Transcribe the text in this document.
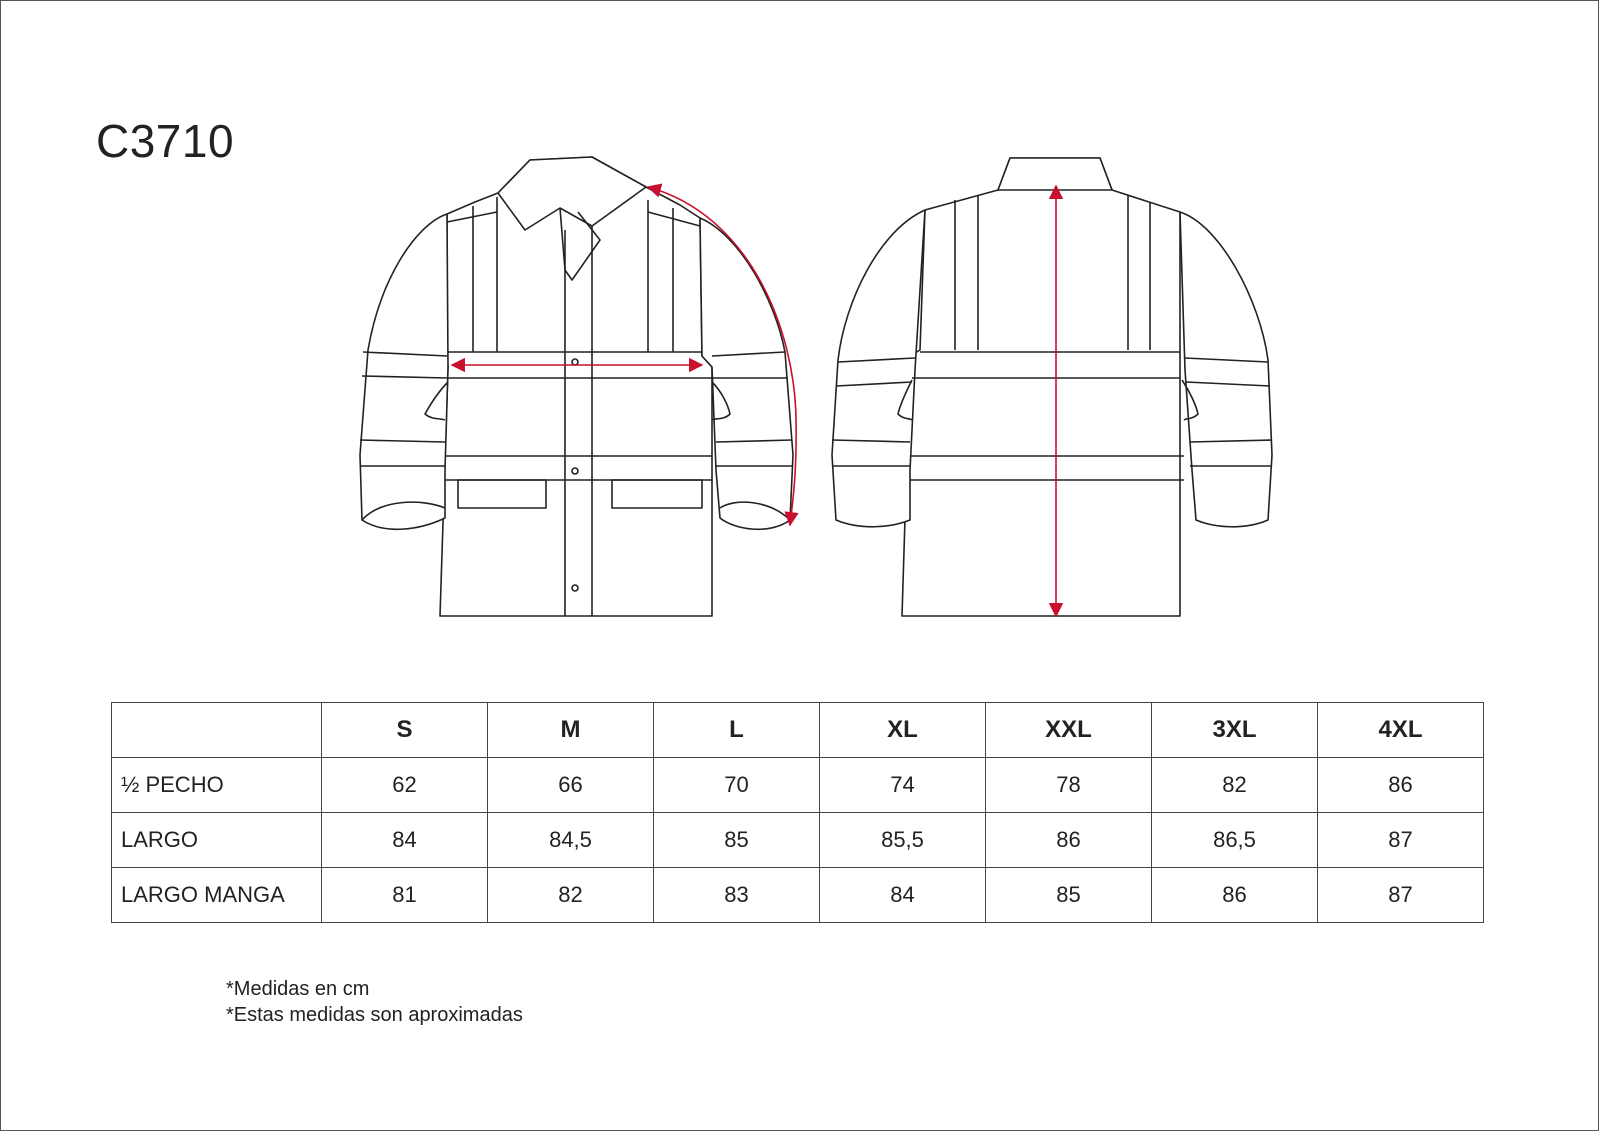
C3710
	S	M	L	XL	XXL	3XL	4XL
½ PECHO	62	66	70	74	78	82	86
LARGO	84	84,5	85	85,5	86	86,5	87
LARGO MANGA	81	82	83	84	85	86	87
*Medidas en cm
*Estas medidas son aproximadas
